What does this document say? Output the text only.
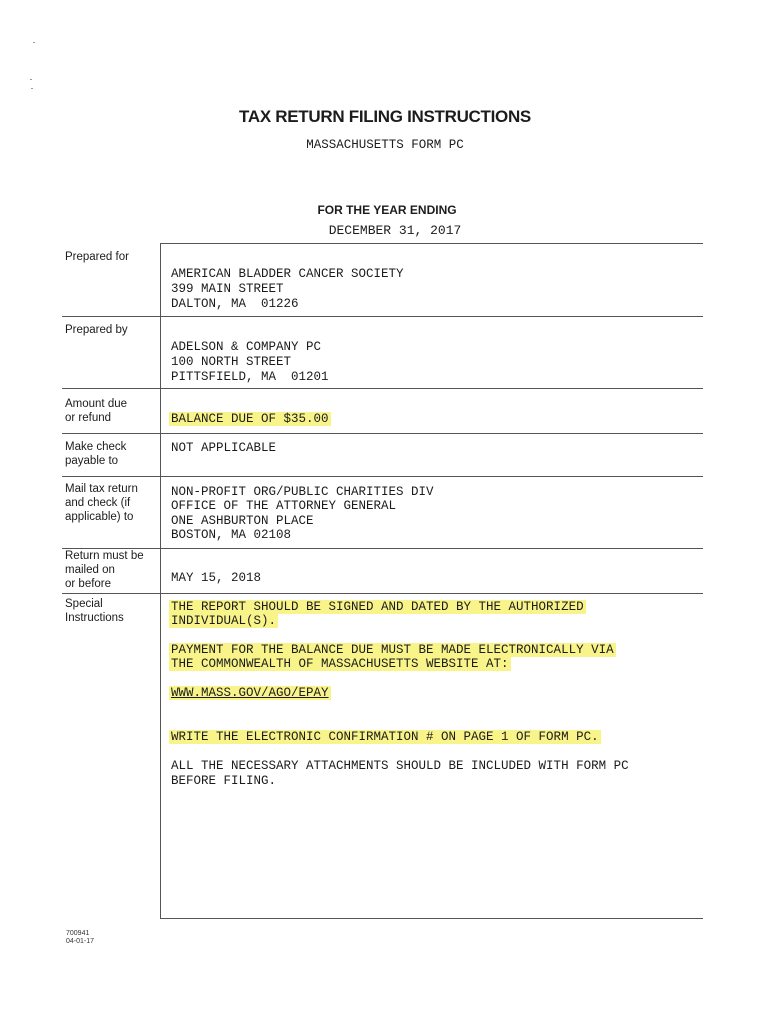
TAX RETURN FILING INSTRUCTIONS
MASSACHUSETTS FORM PC
FOR THE YEAR ENDING
DECEMBER 31, 2017
Prepared for
AMERICAN BLADDER CANCER SOCIETY
399 MAIN STREET
DALTON, MA  01226
Prepared by
ADELSON & COMPANY PC
100 NORTH STREET
PITTSFIELD, MA  01201
Amount due
or refund	BALANCE DUE OF $35.00
Make check
payable to
NOT APPLICABLE
Mail tax return
and check (if
applicable) to
NON-PROFIT ORG/PUBLIC CHARITIES DIV
OFFICE OF THE ATTORNEY GENERAL
ONE ASHBURTON PLACE
BOSTON, MA 02108
Return must be
mailed on
or before	MAY 15, 2018
Special
Instructions
THE REPORT SHOULD BE SIGNED AND DATED BY THE AUTHORIZED
INDIVIDUAL(S).
PAYMENT FOR THE BALANCE DUE MUST BE MADE ELECTRONICALLY VIA
THE COMMONWEALTH OF MASSACHUSETTS WEBSITE AT:
WWW.MASS.GOV/AGO/EPAY
WRITE THE ELECTRONIC CONFIRMATION # ON PAGE 1 OF FORM PC.
ALL THE NECESSARY ATTACHMENTS SHOULD BE INCLUDED WITH FORM PC
BEFORE FILING.
700941
04-01-17
